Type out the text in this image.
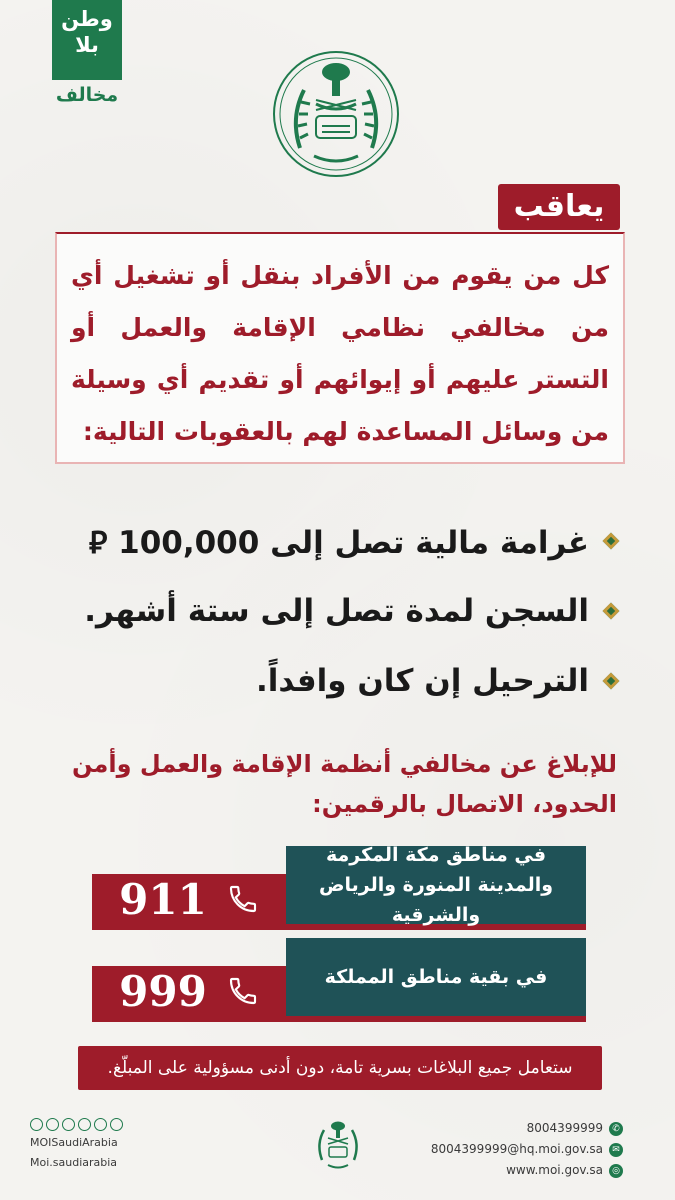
وطن
بلا
مخالف
يعاقب
كل من يقوم من الأفراد بنقل أو تشغيل أي من مخالفي نظامي الإقامة والعمل أو التستر عليهم أو إيوائهم أو تقديم أي وسيلة من وسائل المساعدة لهم بالعقوبات التالية:
غرامة مالية تصل إلى 100,000 ⃁
السجن لمدة تصل إلى ستة أشهر.
الترحيل إن كان وافداً.
للإبلاغ عن مخالفي أنظمة الإقامة والعمل وأمن الحدود، الاتصال بالرقمين:
في مناطق مكة المكرمة والمدينة المنورة والرياض والشرقية
911
في بقية مناطق المملكة
999
ستعامل جميع البلاغات بسرية تامة، دون أدنى مسؤولية على المبلّغ.
8004399999	✆
8004399999@hq.moi.gov.sa	✉
www.moi.gov.sa	◎
MOISaudiArabia
Moi.saudiarabia
